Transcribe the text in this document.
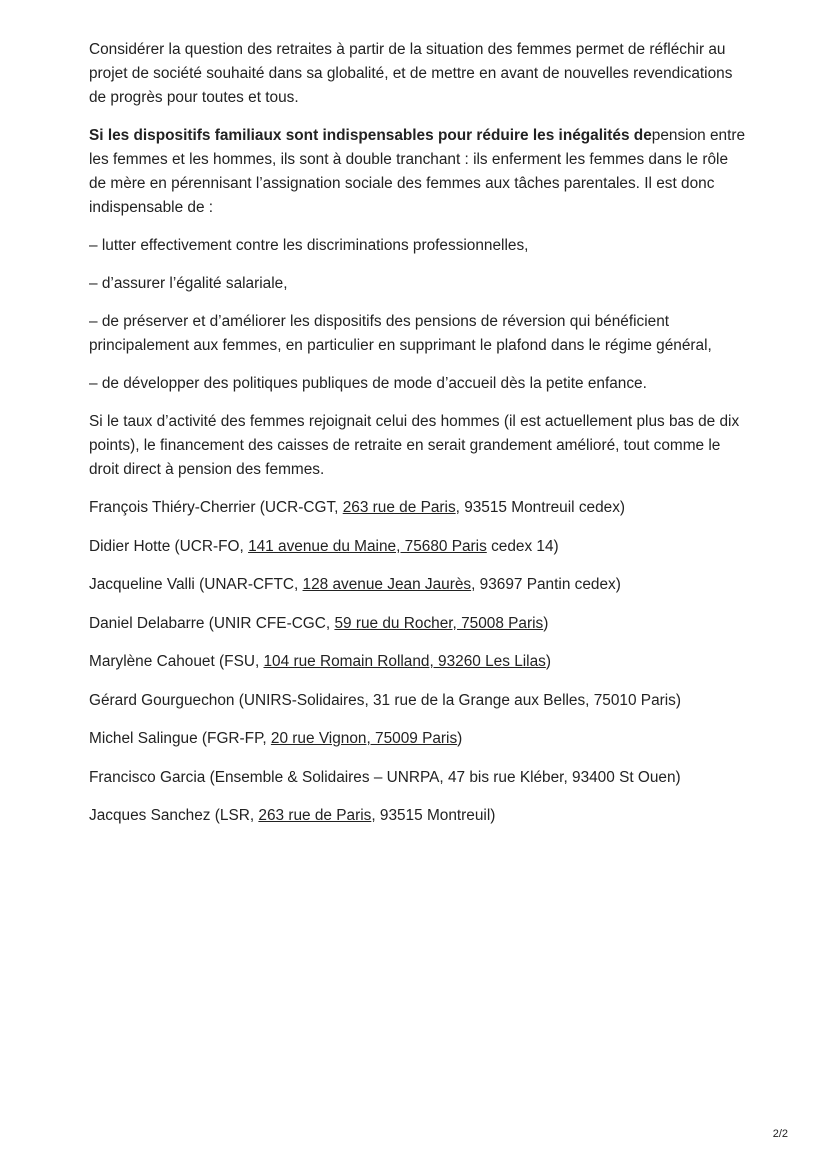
Considérer la question des retraites à partir de la situation des femmes permet de réfléchir au projet de société souhaité dans sa globalité, et de mettre en avant de nouvelles revendications de progrès pour toutes et tous.

Si les dispositifs familiaux sont indispensables pour réduire les inégalités depension entre les femmes et les hommes, ils sont à double tranchant : ils enferment les femmes dans le rôle de mère en pérennisant l’assignation sociale des femmes aux tâches parentales. Il est donc indispensable de :

– lutter effectivement contre les discriminations professionnelles,

– d’assurer l’égalité salariale,

– de préserver et d’améliorer les dispositifs des pensions de réversion qui bénéficient principalement aux femmes, en particulier en supprimant le plafond dans le régime général,

– de développer des politiques publiques de mode d’accueil dès la petite enfance.

Si le taux d’activité des femmes rejoignait celui des hommes (il est actuellement plus bas de dix points), le financement des caisses de retraite en serait grandement amélioré, tout comme le droit direct à pension des femmes.

François Thiéry-Cherrier (UCR-CGT, 263 rue de Paris, 93515 Montreuil cedex)

Didier Hotte (UCR-FO, 141 avenue du Maine, 75680 Paris cedex 14)

Jacqueline Valli (UNAR-CFTC, 128 avenue Jean Jaurès, 93697 Pantin cedex)

Daniel Delabarre (UNIR CFE-CGC, 59 rue du Rocher, 75008 Paris)

Marylène Cahouet (FSU, 104 rue Romain Rolland, 93260 Les Lilas)

Gérard Gourguechon (UNIRS-Solidaires, 31 rue de la Grange aux Belles, 75010 Paris)

Michel Salingue (FGR-FP, 20 rue Vignon, 75009 Paris)

Francisco Garcia (Ensemble & Solidaires – UNRPA, 47 bis rue Kléber, 93400 St Ouen)

Jacques Sanchez (LSR, 263 rue de Paris, 93515 Montreuil)

2/2
